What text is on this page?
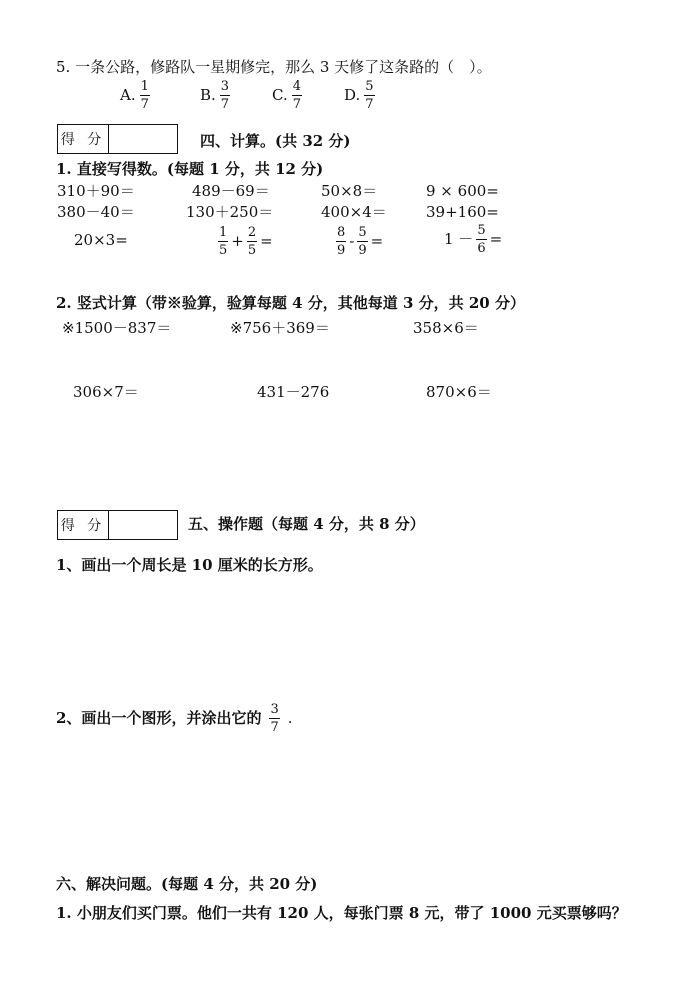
5. 一条公路，修路队一星期修完，那么 3 天修了这条路的（　）。
A. $\frac{1}{7}$	B. $\frac{3}{7}$	C. $\frac{4}{7}$	D. $\frac{5}{7}$
得 分	四、计算。(共 32 分)
1. 直接写得数。(每题 1 分，共 12 分)
310＋90＝	489－69＝	50×8＝	9 × 600=
380－40＝	130＋250＝	400×4＝	39+160=
20×3=	$\frac{1}{5} + \frac{2}{5}$ =	$\frac{8}{9} - \frac{5}{9}$ =	$1 - \frac{5}{6}$ =
2. 竖式计算（带※验算，验算每题 4 分，其他每道 3 分，共 20 分）
※1500－837＝	※756＋369＝	358×6＝
306×7＝	431－276	870×6＝
得 分	五、操作题（每题 4 分，共 8 分）
1、画出一个周长是 10 厘米的长方形。
2、画出一个图形，并涂出它的 $\frac{3}{7}$ .
六、解决问题。(每题 4 分，共 20 分)
1. 小朋友们买门票。他们一共有 120 人，每张门票 8 元，带了 1000 元买票够吗？
